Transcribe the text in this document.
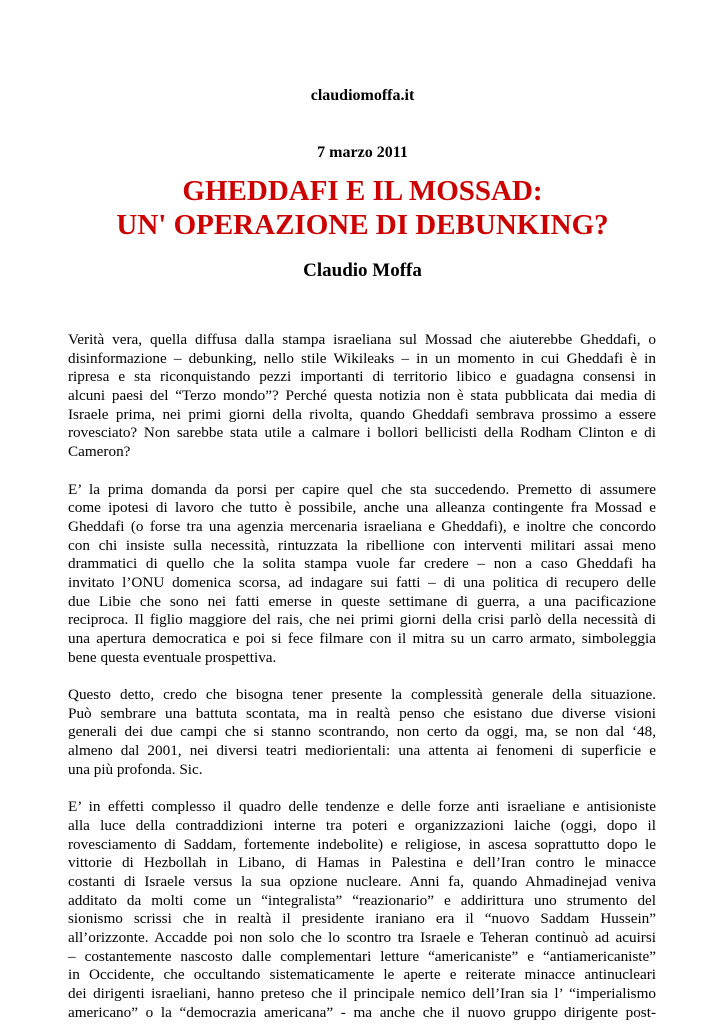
claudiomoffa.it
7 marzo 2011
GHEDDAFI E IL MOSSAD:
UN' OPERAZIONE DI DEBUNKING?
Claudio Moffa
Verità vera, quella diffusa dalla stampa israeliana sul Mossad che aiuterebbe Gheddafi, o
disinformazione – debunking, nello stile Wikileaks – in un momento in cui Gheddafi è in
ripresa e sta riconquistando pezzi importanti di territorio libico e guadagna consensi in
alcuni paesi del “Terzo mondo”? Perché questa notizia non è stata pubblicata dai media di
Israele prima, nei primi giorni della rivolta, quando Gheddafi sembrava prossimo a essere
rovesciato? Non sarebbe stata utile a calmare i bollori bellicisti della Rodham Clinton e di
Cameron?
E’ la prima domanda da porsi per capire quel che sta succedendo. Premetto di assumere
come ipotesi di lavoro che tutto è possibile, anche una alleanza contingente fra Mossad e
Gheddafi (o forse tra una agenzia mercenaria israeliana e Gheddafi), e inoltre che concordo
con chi insiste sulla necessità, rintuzzata la ribellione con interventi militari assai meno
drammatici di quello che la solita stampa vuole far credere – non a caso Gheddafi ha
invitato l’ONU domenica scorsa, ad indagare sui fatti – di una politica di recupero delle
due Libie che sono nei fatti emerse in queste settimane di guerra, a una pacificazione
reciproca. Il figlio maggiore del rais, che nei primi giorni della crisi parlò della necessità di
una apertura democratica e poi si fece filmare con il mitra su un carro armato, simboleggia
bene questa eventuale prospettiva.
Questo detto, credo che bisogna tener presente la complessità generale della situazione.
Può sembrare una battuta scontata, ma in realtà penso che esistano due diverse visioni
generali dei due campi che si stanno scontrando, non certo da oggi, ma, se non dal ‘48,
almeno dal 2001, nei diversi teatri mediorientali: una attenta ai fenomeni di superficie e
una più profonda. Sic.
E’ in effetti complesso il quadro delle tendenze e delle forze anti israeliane e antisioniste
alla luce della contraddizioni interne tra poteri e organizzazioni laiche (oggi, dopo il
rovesciamento di Saddam, fortemente indebolite) e religiose, in ascesa soprattutto dopo le
vittorie di Hezbollah in Libano, di Hamas in Palestina e dell’Iran contro le minacce
costanti di Israele versus la sua opzione nucleare. Anni fa, quando Ahmadinejad veniva
additato da molti come un “integralista” “reazionario” e addirittura uno strumento del
sionismo scrissi che in realtà il presidente iraniano era il “nuovo Saddam Hussein”
all’orizzonte. Accadde poi non solo che lo scontro tra Israele e Teheran continuò ad acuirsi
– costantemente nascosto dalle complementari letture “americaniste” e “antiamericaniste”
in Occidente, che occultando sistematicamente le aperte e reiterate minacce antinucleari
dei dirigenti israeliani, hanno preteso che il principale nemico dell’Iran sia l’ “imperialismo
americano” o la “democrazia americana” - ma anche che il nuovo gruppo dirigente post-
